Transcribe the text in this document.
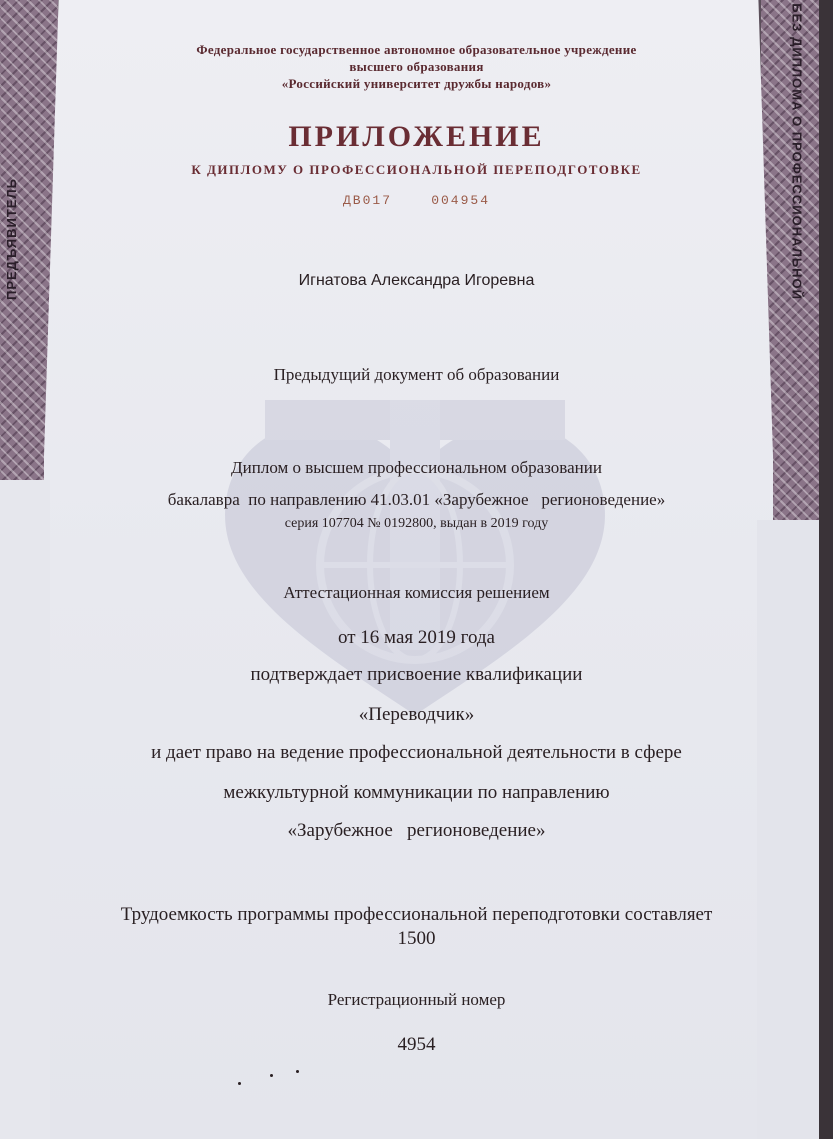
ПРЕДЪЯВИТЕЛЬ	БЕЗ ДИПЛОМА О ПРОФЕССИОНАЛЬНОЙ
Федеральное государственное автономное образовательное учреждение
высшего образования
«Российский университет дружбы народов»
ПРИЛОЖЕНИЕ
К ДИПЛОМУ О ПРОФЕССИОНАЛЬНОЙ ПЕРЕПОДГОТОВКЕ
ДВ017    004954
Игнатова Александра Игоревна
Предыдущий документ об образовании
Диплом о высшем профессиональном образовании
бакалавра  по направлению 41.03.01 «Зарубежное   регионоведение»
серия 107704 № 0192800, выдан в 2019 году
Аттестационная комиссия решением
от 16 мая 2019 года
подтверждает присвоение квалификации
«Переводчик»
и дает право на ведение профессиональной деятельности в сфере
межкультурной коммуникации по направлению
«Зарубежное   регионоведение»
Трудоемкость программы профессиональной переподготовки составляет
1500
Регистрационный номер
4954
